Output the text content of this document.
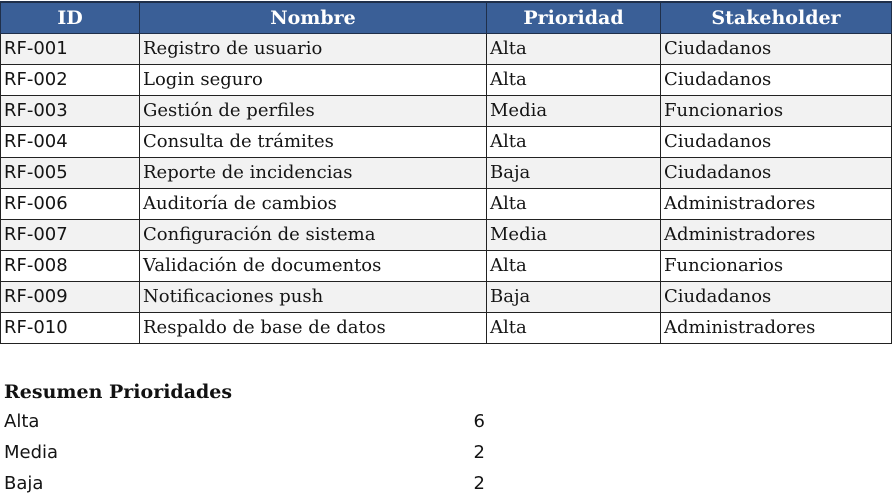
ID	Nombre	Prioridad	Stakeholder
RF-001	Registro de usuario	Alta	Ciudadanos
RF-002	Login seguro	Alta	Ciudadanos
RF-003	Gestión de perfiles	Media	Funcionarios
RF-004	Consulta de trámites	Alta	Ciudadanos
RF-005	Reporte de incidencias	Baja	Ciudadanos
RF-006	Auditoría de cambios	Alta	Administradores
RF-007	Configuración de sistema	Media	Administradores
RF-008	Validación de documentos	Alta	Funcionarios
RF-009	Notificaciones push	Baja	Ciudadanos
RF-010	Respaldo de base de datos	Alta	Administradores
Resumen Prioridades
Alta	6
Media	2
Baja	2
